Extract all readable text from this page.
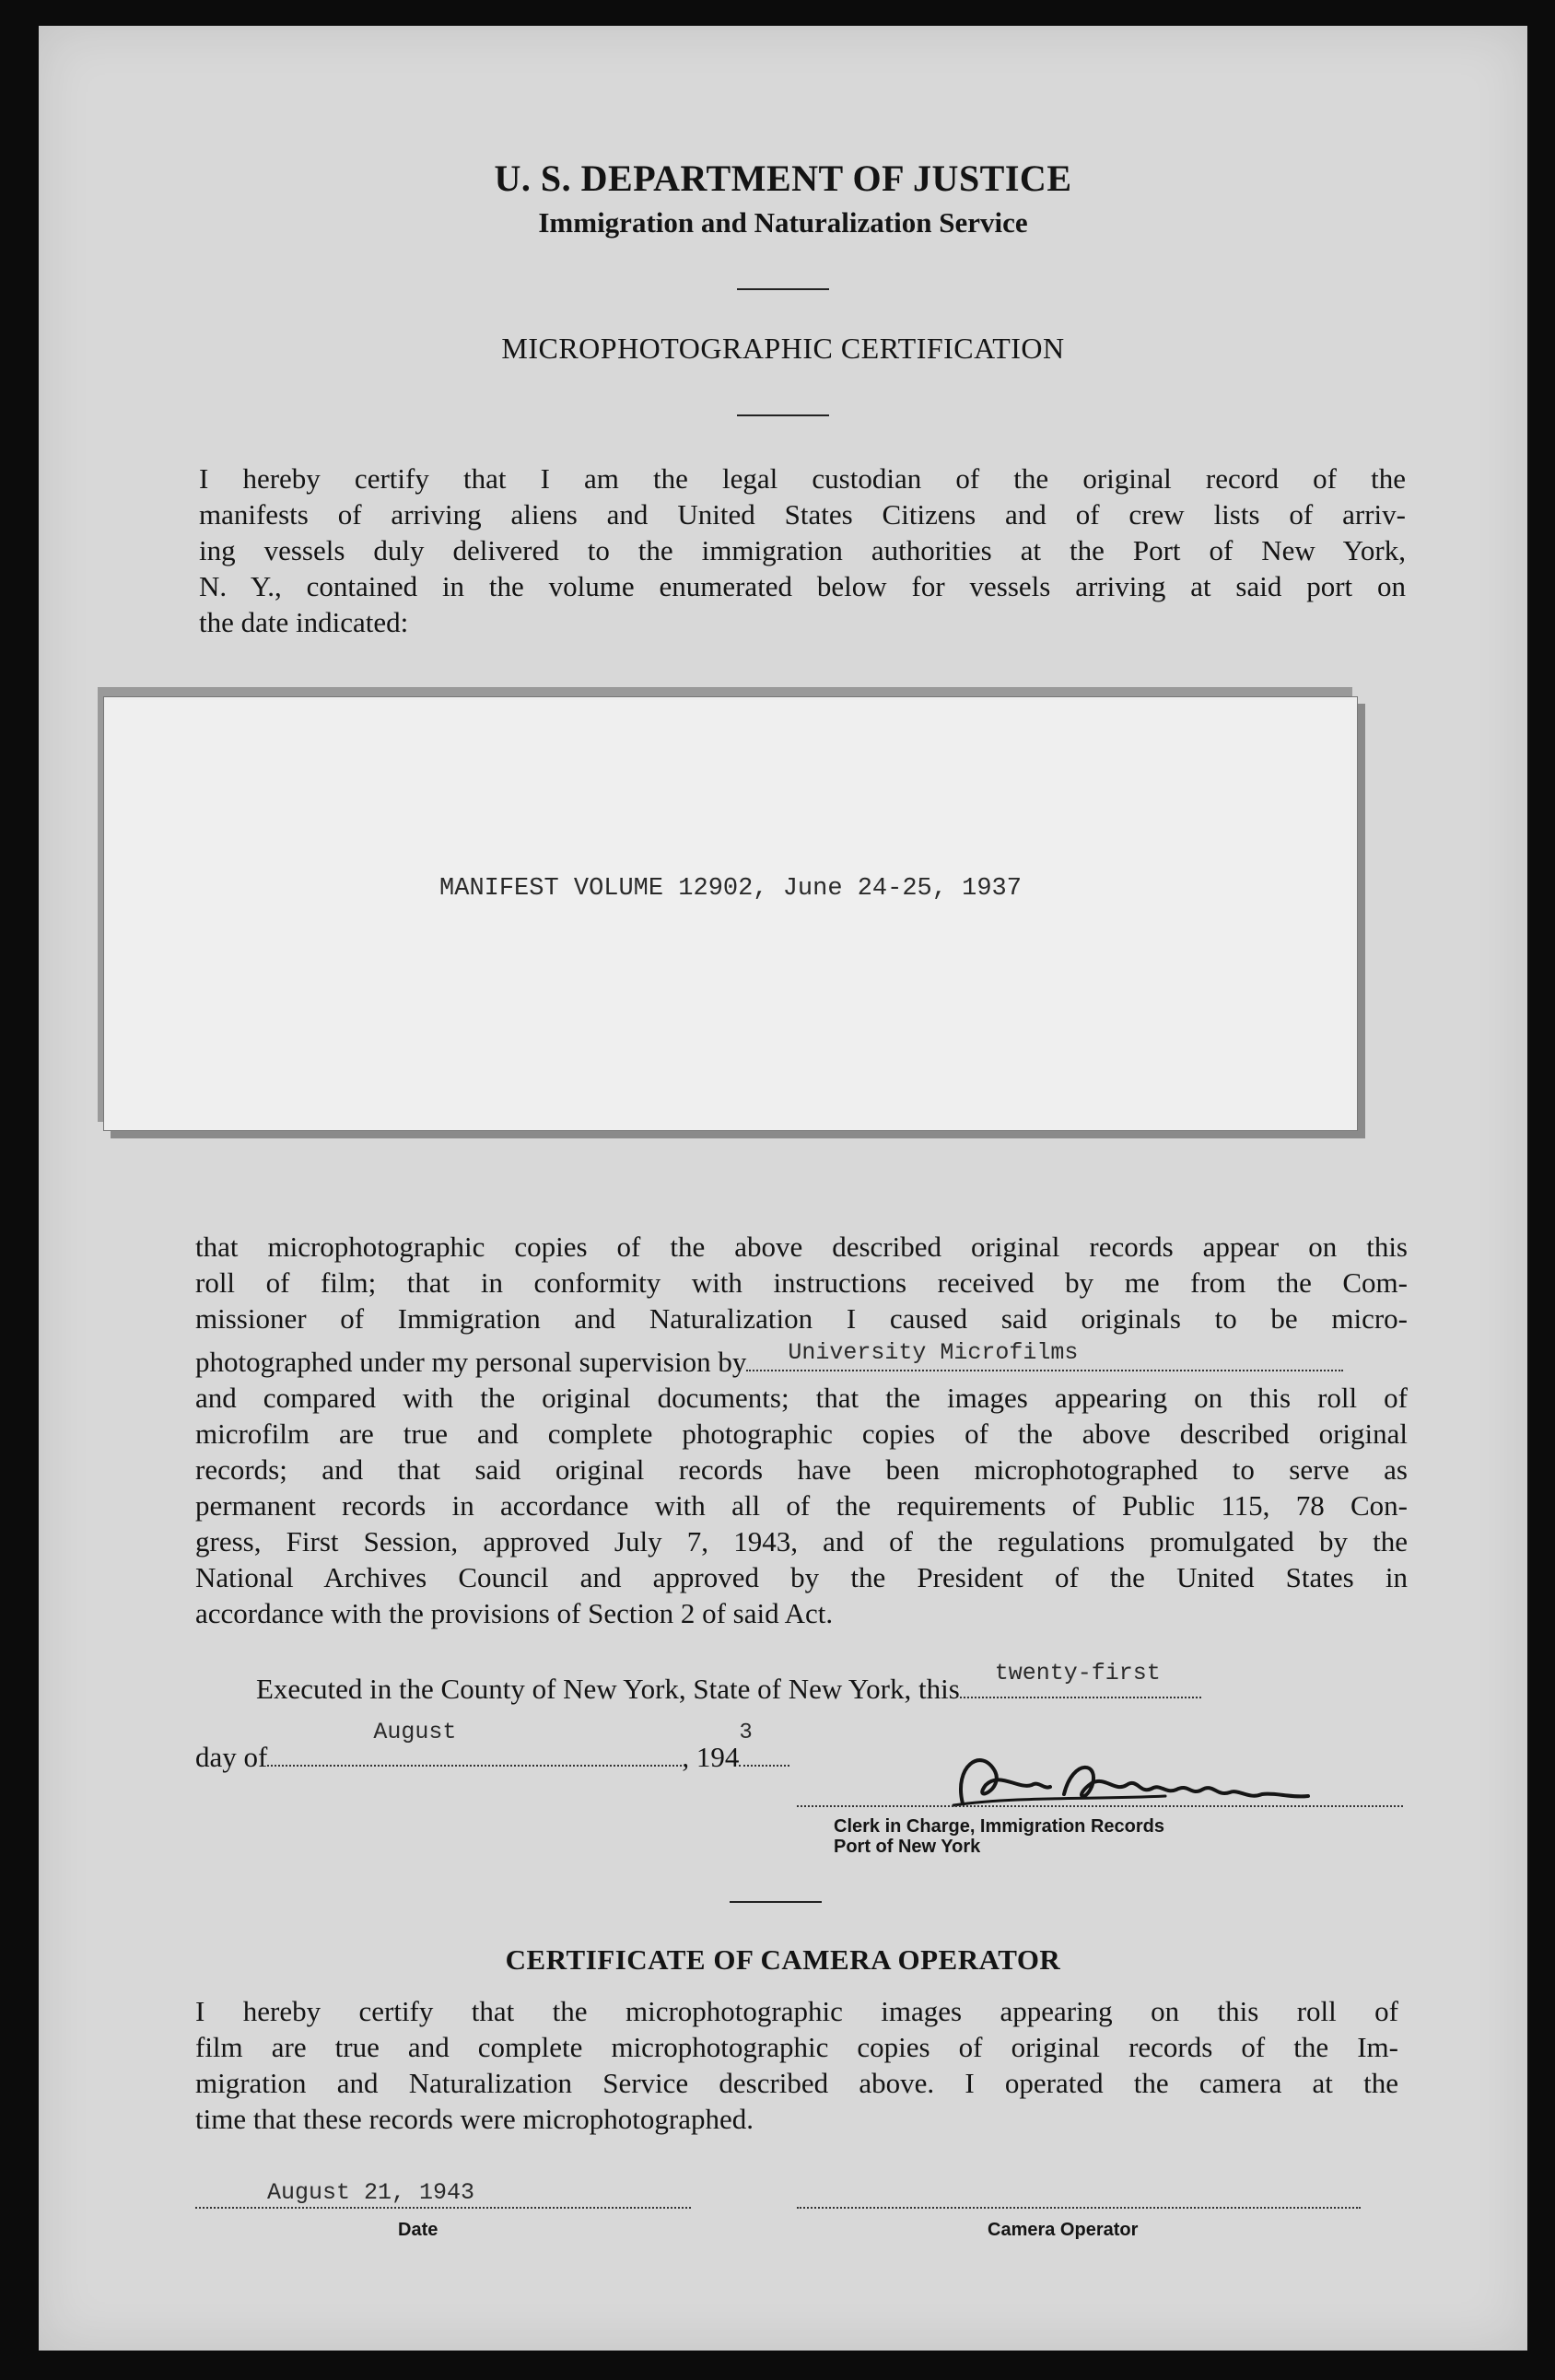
U. S. DEPARTMENT OF JUSTICE
Immigration and Naturalization Service
MICROPHOTOGRAPHIC CERTIFICATION
I hereby certify that I am the legal custodian of the original record of the
manifests of arriving aliens and United States Citizens and of crew lists of arriv-
ing vessels duly delivered to the immigration authorities at the Port of New York,
N. Y., contained in the volume enumerated below for vessels arriving at said port on
the date indicated:
MANIFEST VOLUME 12902, June 24-25, 1937
that microphotographic copies of the above described original records appear on this
roll of film; that in conformity with instructions received by me from the Com-
missioner of Immigration and Naturalization I caused said originals to be micro-
photographed under my personal supervision by University Microfilms
and compared with the original documents; that the images appearing on this roll of
microfilm are true and complete photographic copies of the above described original
records; and that said original records have been microphotographed to serve as
permanent records in accordance with all of the requirements of Public 115, 78 Con-
gress, First Session, approved July 7, 1943, and of the regulations promulgated by the
National Archives Council and approved by the President of the United States in
accordance with the provisions of Section 2 of said Act.
Executed in the County of New York, State of New York, this twenty-first
day of
August
, 194
3
Clerk in Charge, Immigration Records
Port of New York
CERTIFICATE OF CAMERA OPERATOR
I hereby certify that the microphotographic images appearing on this roll of
film are true and complete microphotographic copies of original records of the Im-
migration and Naturalization Service described above. I operated the camera at the
time that these records were microphotographed.
August 21, 1943
Date	Camera Operator
